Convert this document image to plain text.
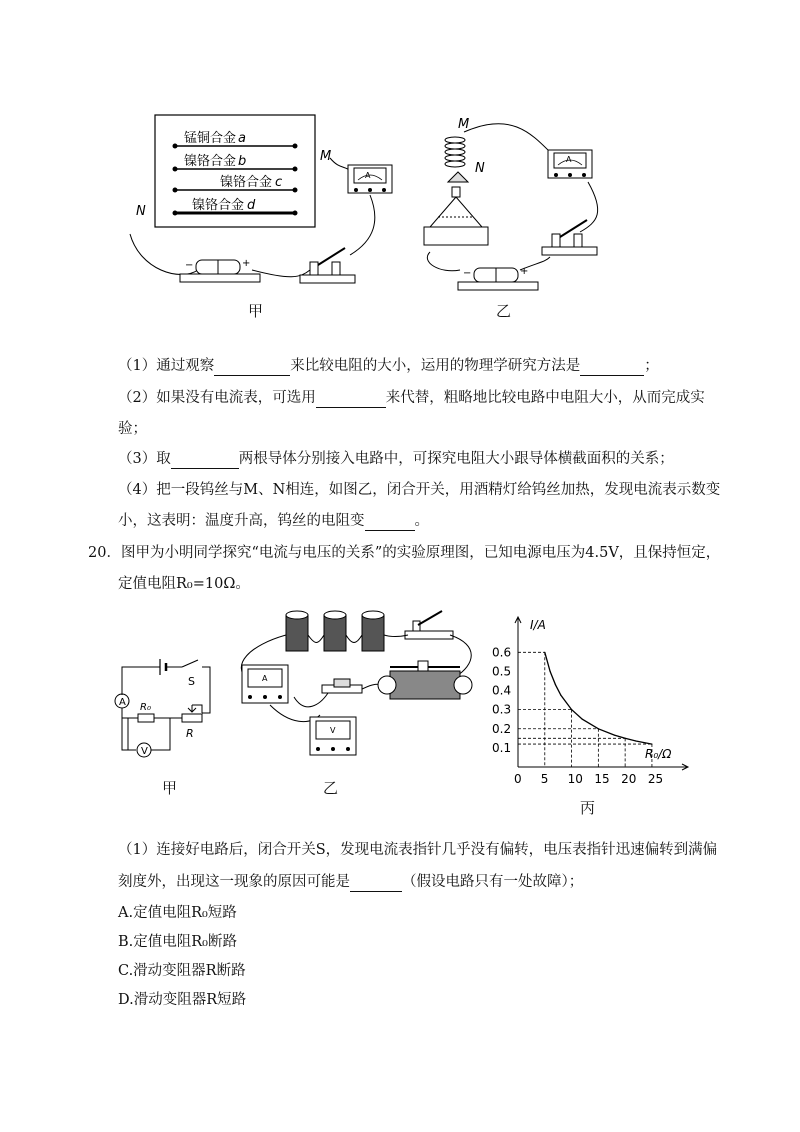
锰铜合金 a
镍铬合金 b
镍铬合金 c
镍铬合金 d
N
M
A
−	+
甲
M
N
A
−	+
乙
（1）通过观察	来比较电阻的大小，运用的物理学研究方法是	；
（2）如果没有电流表，可选用	来代替，粗略地比较电路中电阻大小，从而完成实
验；
（3）取	两根导体分别接入电路中，可探究电阻大小跟导体横截面积的关系；
（4）把一段钨丝与M、N相连，如图乙，闭合开关，用酒精灯给钨丝加热，发现电流表示数变
小，这表明：温度升高，钨丝的电阻变	。
20．图甲为小明同学探究“电流与电压的关系”的实验原理图，已知电源电压为4.5V，且保持恒定，
定值电阻R₀=10Ω。
A
V
S
R₀
R
甲
A
V
乙	5 10 15 20 25
0.1
0.2
0.3
0.4
0.5
0.6
I/A
R₀/Ω
0
丙
（1）连接好电路后，闭合开关S，发现电流表指针几乎没有偏转，电压表指针迅速偏转到满偏
刻度外，出现这一现象的原因可能是	（假设电路只有一处故障）；
A.定值电阻R₀短路
B.定值电阻R₀断路
C.滑动变阻器R断路
D.滑动变阻器R短路
